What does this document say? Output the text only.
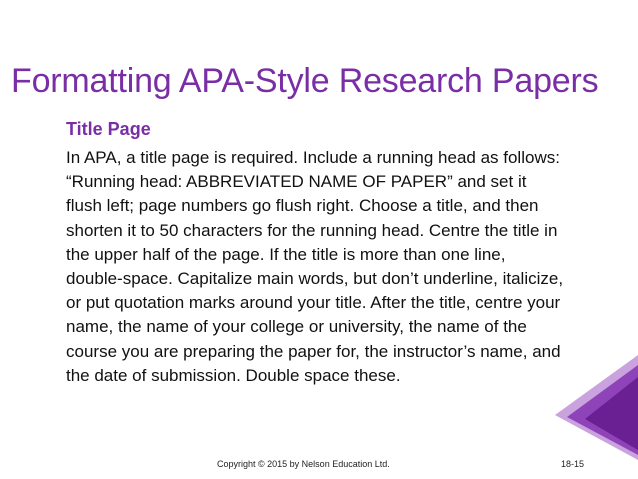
Formatting APA-Style Research Papers
Title Page

In APA, a title page is required. Include a running head as follows: “Running head: ABBREVIATED NAME OF PAPER” and set it flush left; page numbers go flush right. Choose a title, and then shorten it to 50 characters for the running head. Centre the title in the upper half of the page. If the title is more than one line, double-space. Capitalize main words, but don’t underline, italicize, or put quotation marks around your title. After the title, centre your name, the name of your college or university, the name of the course you are preparing the paper for, the instructor’s name, and the date of submission. Double space these.

Copyright © 2015 by Nelson Education Ltd.	18-15
